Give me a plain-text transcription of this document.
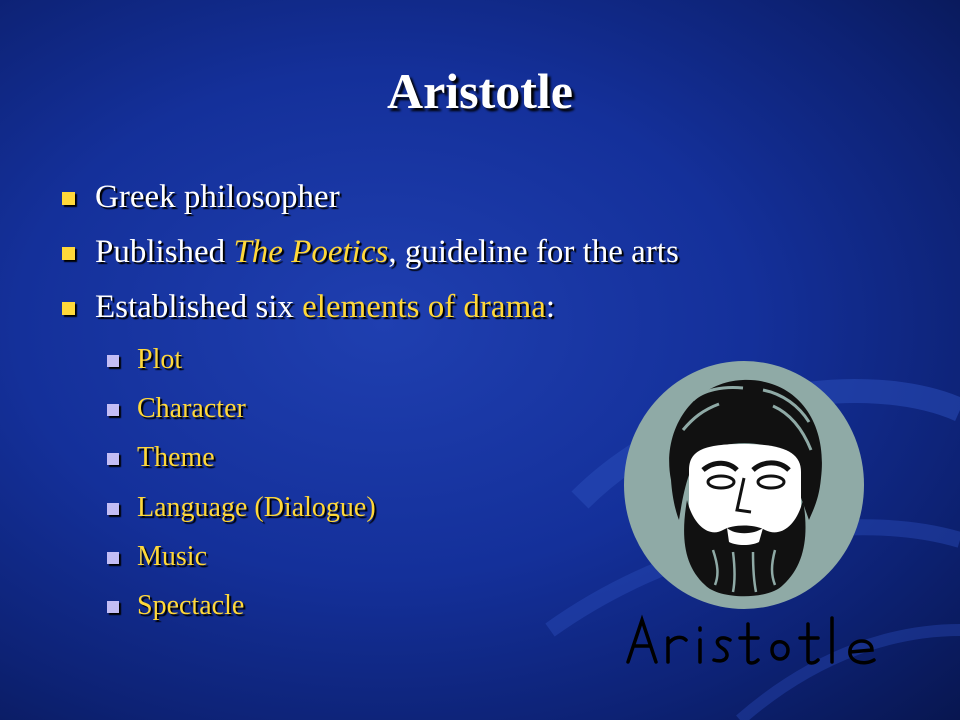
Aristotle
Greek philosopher
Published The Poetics, guideline for the arts
Established six elements of drama:
Plot
Character
Theme
Language (Dialogue)
Music
Spectacle
